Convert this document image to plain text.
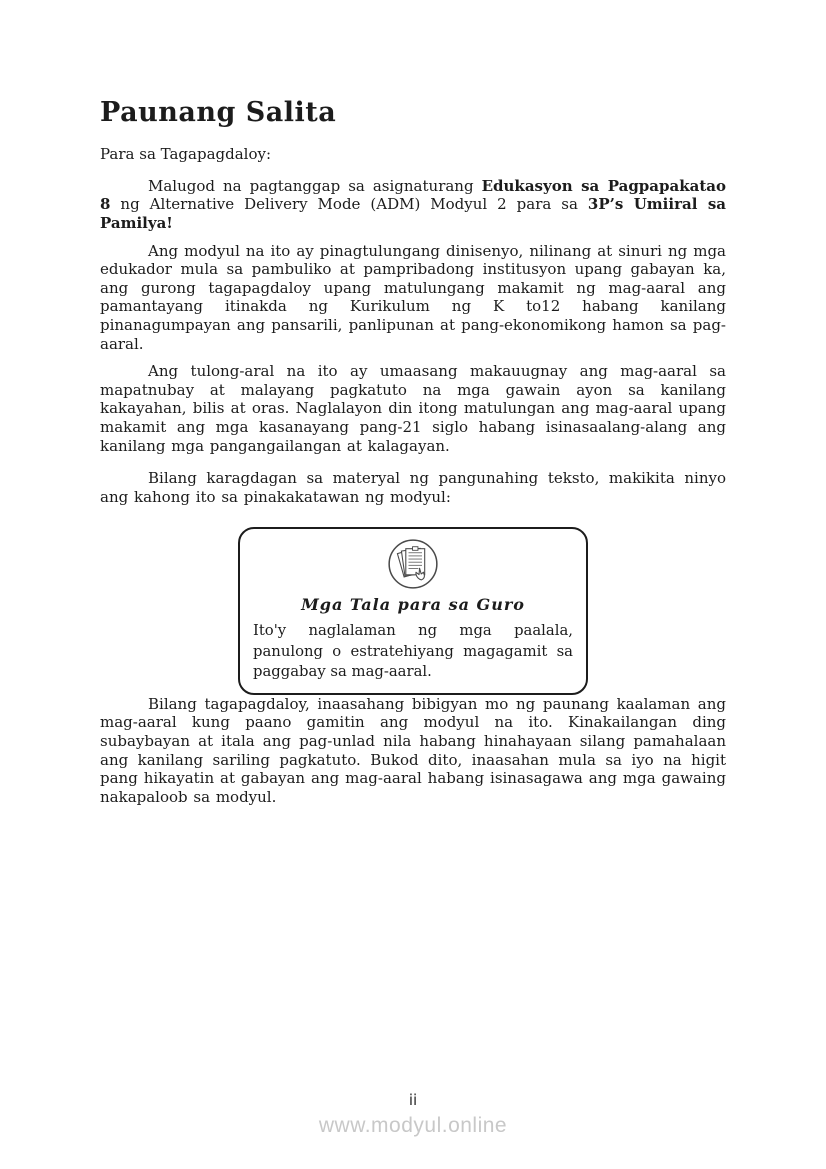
Paunang Salita
Para sa Tagapagdaloy:

Malugod na pagtanggap sa asignaturang Edukasyon sa Pagpapakatao 8 ng Alternative Delivery Mode (ADM) Modyul 2 para sa 3P’s Umiiral sa Pamilya!

Ang modyul na ito ay pinagtulungang dinisenyo, nilinang at sinuri ng mga edukador mula sa pambuliko at pampribadong institusyon upang gabayan ka, ang gurong tagapagdaloy upang matulungang makamit ng mag-aaral ang pamantayang itinakda ng Kurikulum ng K to12 habang kanilang pinanagumpayan ang pansarili, panlipunan at pang-ekonomikong hamon sa pag-aaral.

Ang tulong-aral na ito ay umaasang makauugnay ang mag-aaral sa mapatnubay at malayang pagkatuto na mga gawain ayon sa kanilang kakayahan, bilis at oras. Naglalayon din itong matulungan ang mag-aaral upang makamit ang mga kasanayang pang-21 siglo habang isinasaalang-alang ang kanilang mga pangangailangan at kalagayan.

Bilang karagdagan sa materyal ng pangunahing teksto, makikita ninyo ang kahong ito sa pinakakatawan ng modyul:

Mga Tala para sa Guro

Ito'y naglalaman ng mga paalala, panulong o estratehiyang magagamit sa paggabay sa mag-aaral.

Bilang tagapagdaloy, inaasahang bibigyan mo ng paunang kaalaman ang mag-aaral kung paano gamitin ang modyul na ito. Kinakailangan ding subaybayan at itala ang pag-unlad nila habang hinahayaan silang pamahalaan ang kanilang sariling pagkatuto. Bukod dito, inaasahan mula sa iyo na higit pang hikayatin at gabayan ang mag-aaral habang isinasagawa ang mga gawaing nakapaloob sa modyul.

ii
www.modyul.online
